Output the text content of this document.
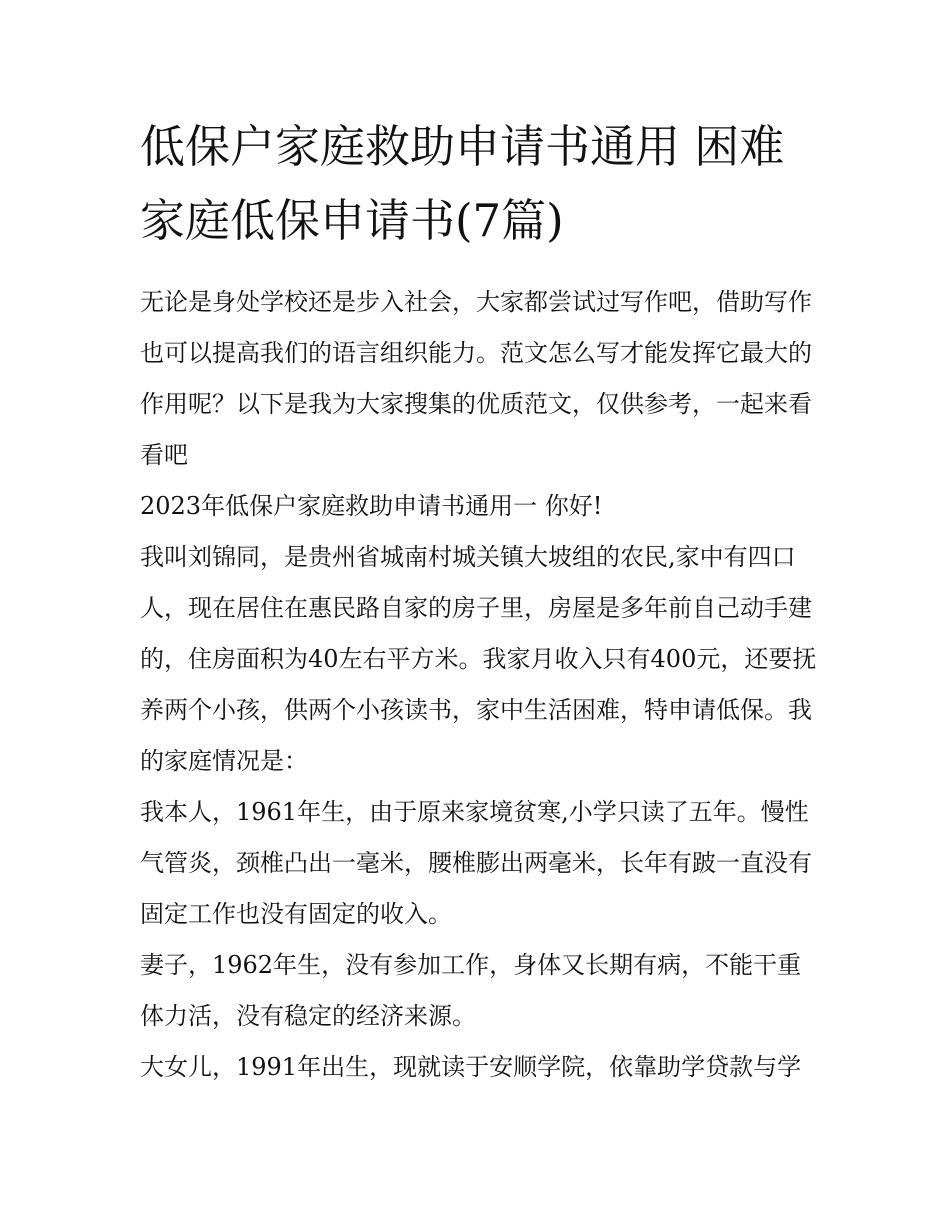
低保户家庭救助申请书通用 困难家庭低保申请书(7篇)

无论是身处学校还是步入社会，大家都尝试过写作吧，借助写作也可以提高我们的语言组织能力。范文怎么写才能发挥它最大的作用呢？以下是我为大家搜集的优质范文，仅供参考，一起来看看吧

2023年低保户家庭救助申请书通用一 你好!

我叫刘锦同，是贵州省城南村城关镇大坡组的农民,家中有四口人，现在居住在惠民路自家的房子里，房屋是多年前自己动手建的，住房面积为40左右平方米。我家月收入只有400元，还要抚养两个小孩，供两个小孩读书，家中生活困难，特申请低保。我的家庭情况是：

我本人，1961年生，由于原来家境贫寒,小学只读了五年。慢性气管炎，颈椎凸出一毫米，腰椎膨出两毫米，长年有跛一直没有固定工作也没有固定的收入。

妻子，1962年生，没有参加工作，身体又长期有病，不能干重体力活，没有稳定的经济来源。

大女儿，1991年出生，现就读于安顺学院，依靠助学贷款与学
